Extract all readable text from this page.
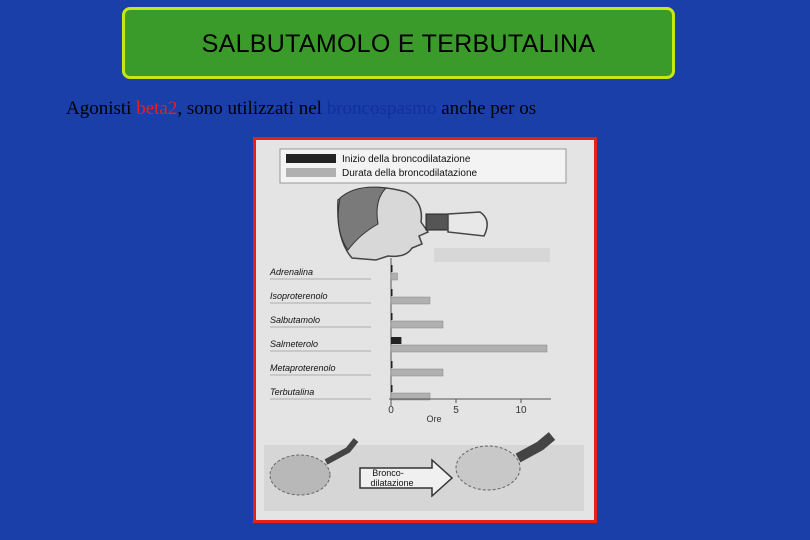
SALBUTAMOLO E TERBUTALINA
Agonisti beta2, sono utilizzati nel broncospasmo anche per os
Inizio della broncodilatazione
Durata della broncodilatazione
Adrenalina
Isoproterenolo
Salbutamolo
Salmeterolo
Metaproterenolo
Terbutalina
Ore
Bronco-
dilatazione
0	5	10
